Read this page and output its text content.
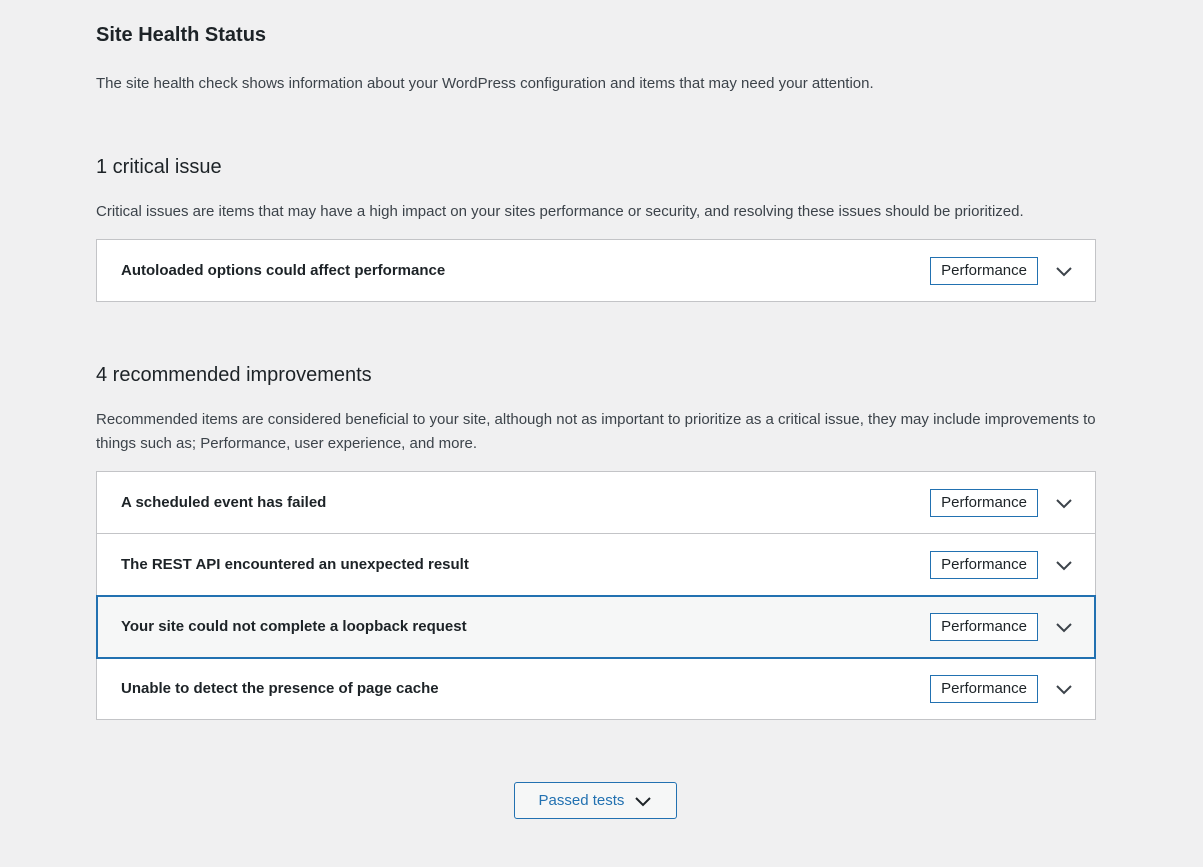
Site Health Status

The site health check shows information about your WordPress configuration and items that may need your attention.

1 critical issue

Critical issues are items that may have a high impact on your sites performance or security, and resolving these issues should be prioritized.

Autoloaded options could affect performance	Performance
4 recommended improvements

Recommended items are considered beneficial to your site, although not as important to prioritize as a critical issue, they may include improvements to things such as; Performance, user experience, and more.

A scheduled event has failed	Performance
The REST API encountered an unexpected result	Performance
Your site could not complete a loopback request	Performance
Unable to detect the presence of page cache	Performance
Passed tests
